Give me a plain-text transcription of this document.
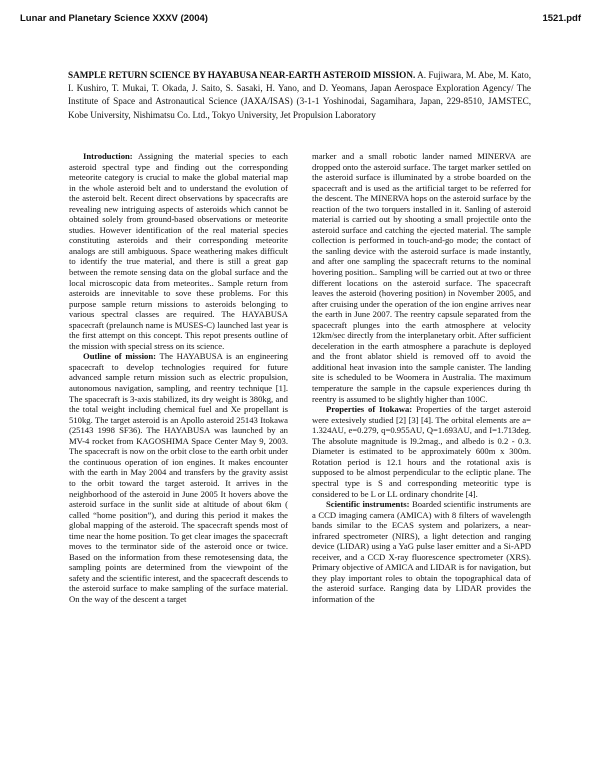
Lunar and Planetary Science XXXV (2004)	1521.pdf
SAMPLE RETURN SCIENCE BY HAYABUSA NEAR-EARTH ASTEROID MISSION. A. Fujiwara, M. Abe, M. Kato, I. Kushiro, T. Mukai, T. Okada, J. Saito, S. Sasaki, H. Yano, and D. Yeomans, Japan Aerospace Exploration Agency/ The Institute of Space and Astronautical Science (JAXA/ISAS) (3-1-1 Yoshinodai, Sagamihara, Japan, 229-8510, JAMSTEC, Kobe University, Nishimatsu Co. Ltd., Tokyo University, Jet Propulsion Laboratory

Introduction: Assigning the material species to each asteroid spectral type and finding out the corresponding meteorite category is crucial to make the global material map in the whole asteroid belt and to understand the evolution of the asteroid belt. Recent direct observations by spacecrafts are revealing new intriguing aspects of asteroids which cannot be obtained solely from ground-based observations or meteorite studies. However identification of the real material species constituting asteroids and their corresponding meteorite analogs are still ambiguous. Space weathering makes difficult to identify the true material, and there is still a great gap between the remote sensing data on the global surface and the local microscopic data from meteorites.. Sample return from asteroids are innevitable to sove these problems. For this purpose sample return missions to asteroids belonging to various spectral classes are required. The HAYABUSA spacecraft (prelaunch name is MUSES-C) launched last year is the first attempt on this concept. This repot presents outline of the mission with special stress on its science.

Outline of mission: The HAYABUSA is an engineering spacecraft to develop technologies required for future advanced sample return mission such as electric propulsion, autonomous navigation, sampling, and reentry technique [1]. The spacecraft is 3-axis stabilized, its dry weight is 380kg, and the total weight including chemical fuel and Xe propellant is 510kg. The target asteroid is an Apollo asteroid 25143 Itokawa (25143 1998 SF36). The HAYABUSA was launched by an MV-4 rocket from KAGOSHIMA Space Center May 9, 2003. The spacecraft is now on the orbit close to the earth orbit under the continuous operation of ion engines. It makes encounter with the earth in May 2004 and transfers by the gravity assist to the orbit toward the target asteroid. It arrives in the neighborhood of the asteroid in June 2005 It hovers above the asteroid surface in the sunlit side at altitude of about 6km ( called “home position”), and during this period it makes the global mapping of the asteroid. The spacecraft spends most of time near the home position. To get clear images the spacecraft moves to the terminator side of the asteroid once or twice. Based on the information from these remotesensing data, the sampling points are determined from the viewpoint of the safety and the scientific interest, and the spacecraft descends to the asteroid surface to make sampling of the surface material. On the way of the descent a target

marker and a small robotic lander named MINERVA are dropped onto the asteroid surface. The target marker settled on the asteroid surface is illuminated by a strobe boarded on the spacecraft and is used as the artificial target to be referred for the descent. The MINERVA hops on the asteroid surface by the reaction of the two torquers installed in it. Sanling of asteroid material is carried out by shooting a small projectile onto the asteroid surface and catching the ejected material. The sample collection is performed in touch-and-go mode; the contact of the sanling device with the asteroid surface is made instantly, and after one sampling the spacecraft returns to the nominal hovering position.. Sampling will be carried out at two or three different locations on the asteroid surface. The spacecraft leaves the asteroid (hovering position) in November 2005, and after cruising under the operation of the ion engine arrives near the earth in June 2007. The reentry capsule separated from the spacecraft plunges into the earth atmosphere at velocity 12km/sec directly from the interplanetary orbit. After sufficient deceleration in the earth atmosphere a parachute is deployed and the front ablator shield is removed off to avoid the additional heat invasion into the sample canister. The landing site is scheduled to be Woomera in Australia. The maximum temperature the sample in the capsule experiences during th reentry is assumed to be slightly higher than 100C.

Properties of Itokawa: Properties of the target asteroid were extesively studied [2] [3] [4]. The orbital elements are a= 1.324AU, e=0.279, q=0.955AU, Q=1.693AU, and I=1.713deg. The absolute magnitude is l9.2mag., and albedo is 0.2 - 0.3. Diameter is estimated to be approximately 600m x 300m. Rotation period is 12.1 hours and the rotational axis is supposed to be almost perpendicular to the ecliptic plane. The spectral type is S and corresponding meteoritic type is considered to be L or LL ordinary chondrite [4].

Scientific instruments: Boarded scientific instruments are a CCD imaging camera (AMICA) with 8 filters of wavelength bands similar to the ECAS system and polarizers, a near-infrared spectrometer (NIRS), a light detection and ranging device (LIDAR) using a YaG pulse laser emitter and a Si-APD receiver, and a CCD X-ray fluorescence spectrometer (XRS). Primary objective of AMICA and LIDAR is for navigation, but they play important roles to obtain the topographical data of the asteroid surface. Ranging data by LIDAR provides the information of the
